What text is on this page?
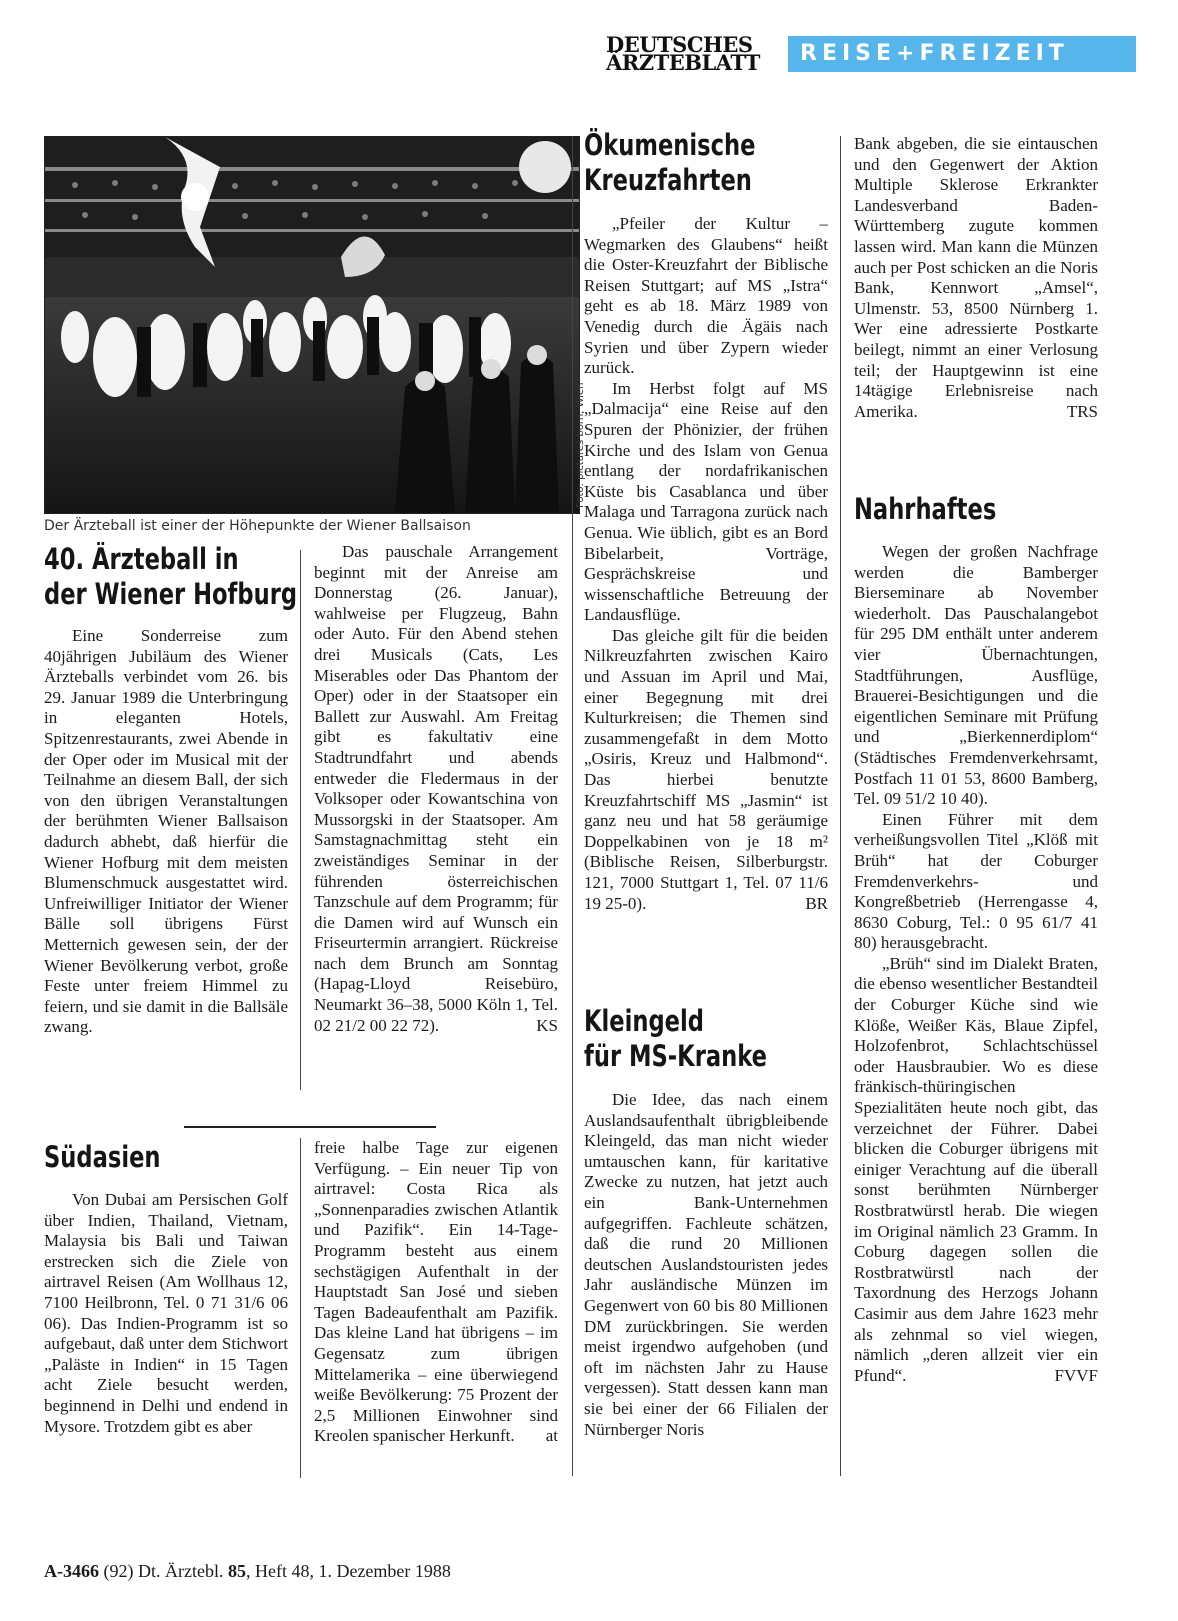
DEUTSCHES
ÄRZTEBLATT	REISE+FREIZEIT
Foto: pictures born, Wien
Der Ärzteball ist einer der Höhepunkte der Wiener Ballsaison
40. Ärzteball in
der Wiener Hofburg

Eine Sonderreise zum 40jährigen Jubiläum des Wiener Ärzteballs verbindet vom 26. bis 29. Januar 1989 die Unterbringung in eleganten Hotels, Spitzenrestaurants, zwei Abende in der Oper oder im Musical mit der Teilnahme an diesem Ball, der sich von den übrigen Veranstaltungen der berühmten Wiener Ballsaison dadurch abhebt, daß hierfür die Wiener Hofburg mit dem meisten Blumenschmuck ausgestattet wird. Unfreiwilliger Initiator der Wiener Bälle soll übrigens Fürst Metternich gewesen sein, der der Wiener Bevölkerung verbot, große Feste unter freiem Himmel zu feiern, und sie damit in die Ballsäle zwang.

Das pauschale Arrangement beginnt mit der Anreise am Donnerstag (26. Januar), wahlweise per Flugzeug, Bahn oder Auto. Für den Abend stehen drei Musicals (Cats, Les Miserables oder Das Phantom der Oper) oder in der Staatsoper ein Ballett zur Auswahl. Am Freitag gibt es fakultativ eine Stadtrundfahrt und abends entweder die Fledermaus in der Volksoper oder Kowantschina von Mussorgski in der Staatsoper. Am Samstagnachmittag steht ein zweiständiges Seminar in der führenden österreichischen Tanzschule auf dem Programm; für die Damen wird auf Wunsch ein Friseurtermin arrangiert. Rückreise nach dem Brunch am Sonntag (Hapag-Lloyd Reisebüro, Neumarkt 36–38, 5000 Köln 1, Tel. 02 21/2 00 22 72).	KS

Südasien

Von Dubai am Persischen Golf über Indien, Thailand, Vietnam, Malaysia bis Bali und Taiwan erstrecken sich die Ziele von airtravel Reisen (Am Wollhaus 12, 7100 Heilbronn, Tel. 0 71 31/6 06 06). Das Indien-Programm ist so aufgebaut, daß unter dem Stichwort „Paläste in Indien“ in 15 Tagen acht Ziele besucht werden, beginnend in Delhi und endend in Mysore. Trotzdem gibt es aber

freie halbe Tage zur eigenen Verfügung. – Ein neuer Tip von airtravel: Costa Rica als „Sonnenparadies zwischen Atlantik und Pazifik“. Ein 14-Tage-Programm besteht aus einem sechstägigen Aufenthalt in der Hauptstadt San José und sieben Tagen Badeaufenthalt am Pazifik. Das kleine Land hat übrigens – im Gegensatz zum übrigen Mittelamerika – eine überwiegend weiße Bevölkerung: 75 Prozent der 2,5 Millionen Einwohner sind Kreolen spanischer Herkunft. at

Ökumenische
Kreuzfahrten

„Pfeiler der Kultur – Wegmarken des Glaubens“ heißt die Oster-Kreuzfahrt der Biblische Reisen Stuttgart; auf MS „Istra“ geht es ab 18. März 1989 von Venedig durch die Ägäis nach Syrien und über Zypern wieder zurück.

Im Herbst folgt auf MS „Dalmacija“ eine Reise auf den Spuren der Phönizier, der frühen Kirche und des Islam von Genua entlang der nordafrikanischen Küste bis Casablanca und über Malaga und Tarragona zurück nach Genua. Wie üblich, gibt es an Bord Bibelarbeit, Vorträge, Gesprächskreise und wissenschaftliche Betreuung der Landausflüge.

Das gleiche gilt für die beiden Nilkreuzfahrten zwischen Kairo und Assuan im April und Mai, einer Begegnung mit drei Kulturkreisen; die Themen sind zusammengefaßt in dem Motto „Osiris, Kreuz und Halbmond“. Das hierbei benutzte Kreuzfahrtschiff MS „Jasmin“ ist ganz neu und hat 58 geräumige Doppelkabinen von je 18 m² (Biblische Reisen, Silberburgstr. 121, 7000 Stuttgart 1, Tel. 07 11/6 19 25-0).	BR

Kleingeld
für MS-Kranke

Die Idee, das nach einem Auslandsaufenthalt übrigbleibende Kleingeld, das man nicht wieder umtauschen kann, für karitative Zwecke zu nutzen, hat jetzt auch ein Bank-Unternehmen aufgegriffen. Fachleute schätzen, daß die rund 20 Millionen deutschen Auslandstouristen jedes Jahr ausländische Münzen im Gegenwert von 60 bis 80 Millionen DM zurückbringen. Sie werden meist irgendwo aufgehoben (und oft im nächsten Jahr zu Hause vergessen). Statt dessen kann man sie bei einer der 66 Filialen der Nürnberger Noris

Bank abgeben, die sie eintauschen und den Gegenwert der Aktion Multiple Sklerose Erkrankter Landesverband Baden-Württemberg zugute kommen lassen wird. Man kann die Münzen auch per Post schicken an die Noris Bank, Kennwort „Amsel“, Ulmenstr. 53, 8500 Nürnberg 1. Wer eine adressierte Postkarte beilegt, nimmt an einer Verlosung teil; der Hauptgewinn ist eine 14tägige Erlebnisreise nach Amerika.	TRS

Nahrhaftes

Wegen der großen Nachfrage werden die Bamberger Bierseminare ab November wiederholt. Das Pauschalangebot für 295 DM enthält unter anderem vier Übernachtungen, Stadtführungen, Ausflüge, Brauerei-Besichtigungen und die eigentlichen Seminare mit Prüfung und „Bierkennerdiplom“ (Städtisches Fremdenverkehrsamt, Postfach 11 01 53, 8600 Bamberg, Tel. 09 51/2 10 40).

Einen Führer mit dem verheißungsvollen Titel „Klöß mit Brüh“ hat der Coburger Fremdenverkehrs- und Kongreßbetrieb (Herrengasse 4, 8630 Coburg, Tel.: 0 95 61/7 41 80) herausgebracht.

„Brüh“ sind im Dialekt Braten, die ebenso wesentlicher Bestandteil der Coburger Küche sind wie Klöße, Weißer Käs, Blaue Zipfel, Holzofenbrot, Schlachtschüssel oder Hausbraubier. Wo es diese fränkisch-thüringischen Spezialitäten heute noch gibt, das verzeichnet der Führer. Dabei blicken die Coburger übrigens mit einiger Verachtung auf die überall sonst berühmten Nürnberger Rostbratwürstl herab. Die wiegen im Original nämlich 23 Gramm. In Coburg dagegen sollen die Rostbratwürstl nach der Taxordnung des Herzogs Johann Casimir aus dem Jahre 1623 mehr als zehnmal so viel wiegen, nämlich „deren allzeit vier ein Pfund“.	FVVF

A-3466 (92) Dt. Ärztebl. 85, Heft 48, 1. Dezember 1988
